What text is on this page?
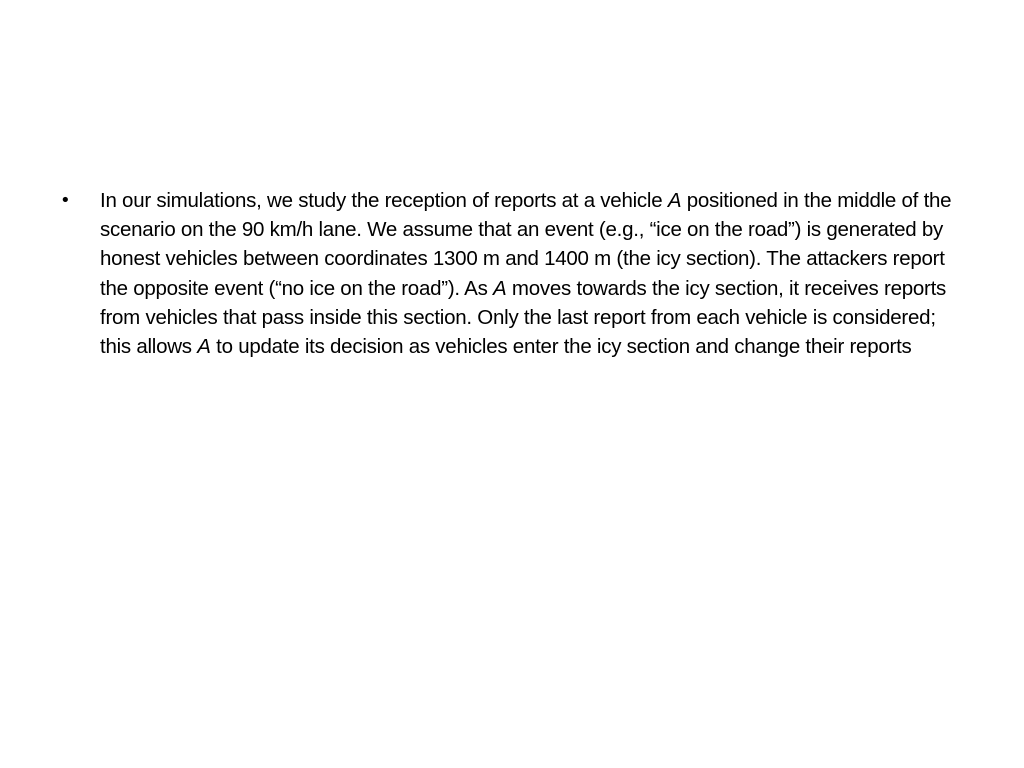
•	In our simulations, we study the reception of reports at a vehicle A positioned in the middle of the scenario on the 90 km/h lane. We assume that an event (e.g., “ice on the road”) is generated by honest vehicles between coordinates 1300 m and 1400 m (the icy section). The attackers report the opposite event (“no ice on the road”). As A moves towards the icy section, it receives reports from vehicles that pass inside this section. Only the last report from each vehicle is considered; this allows A to update its decision as vehicles enter the icy section and change their reports
